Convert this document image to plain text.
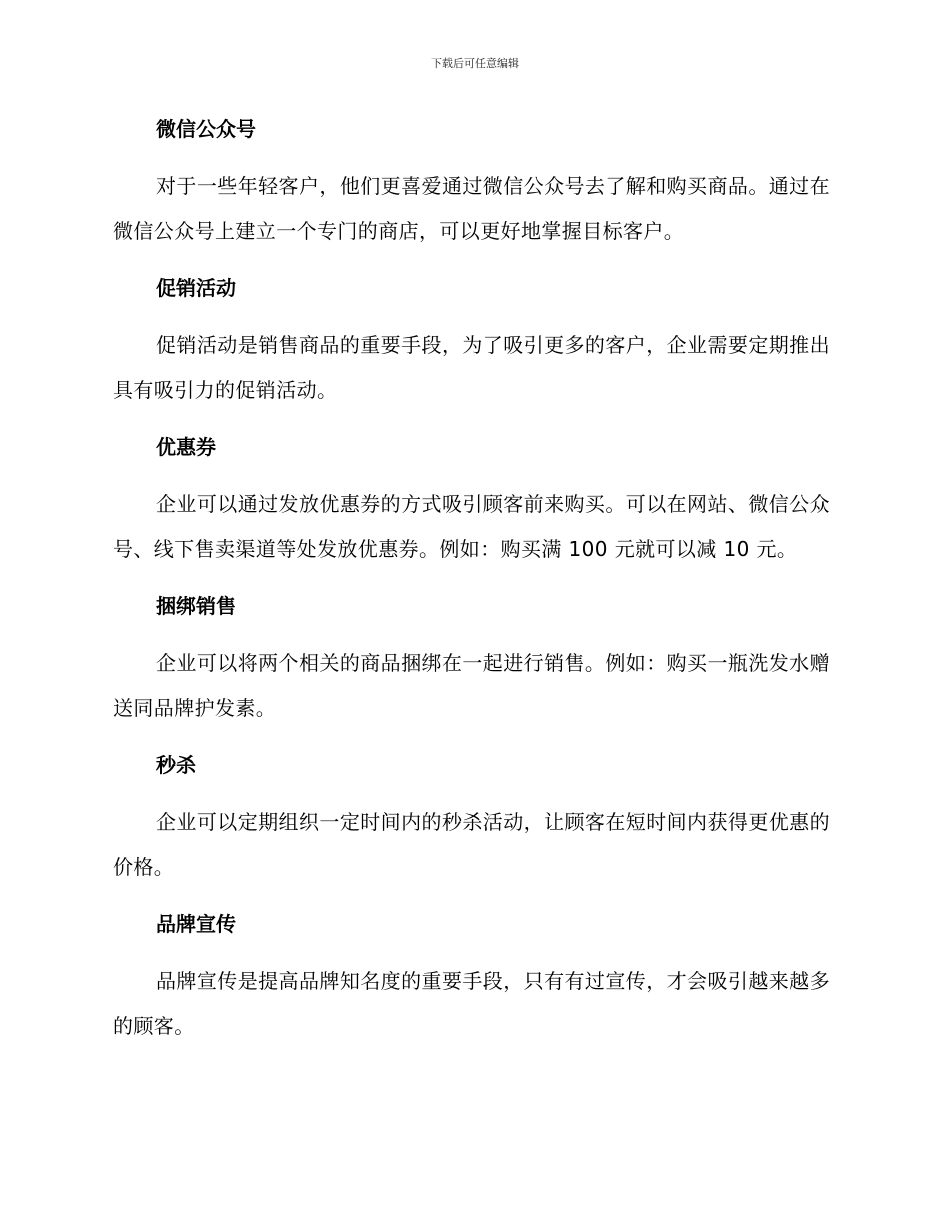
下载后可任意编辑
微信公众号

对于一些年轻客户，他们更喜爱通过微信公众号去了解和购买商品。通过在微信公众号上建立一个专门的商店，可以更好地掌握目标客户。

促销活动

促销活动是销售商品的重要手段，为了吸引更多的客户，企业需要定期推出具有吸引力的促销活动。

优惠券

企业可以通过发放优惠券的方式吸引顾客前来购买。可以在网站、微信公众号、线下售卖渠道等处发放优惠券。例如：购买满 100 元就可以减 10 元。

捆绑销售

企业可以将两个相关的商品捆绑在一起进行销售。例如：购买一瓶洗发水赠送同品牌护发素。

秒杀

企业可以定期组织一定时间内的秒杀活动，让顾客在短时间内获得更优惠的价格。

品牌宣传

品牌宣传是提高品牌知名度的重要手段，只有有过宣传，才会吸引越来越多的顾客。
